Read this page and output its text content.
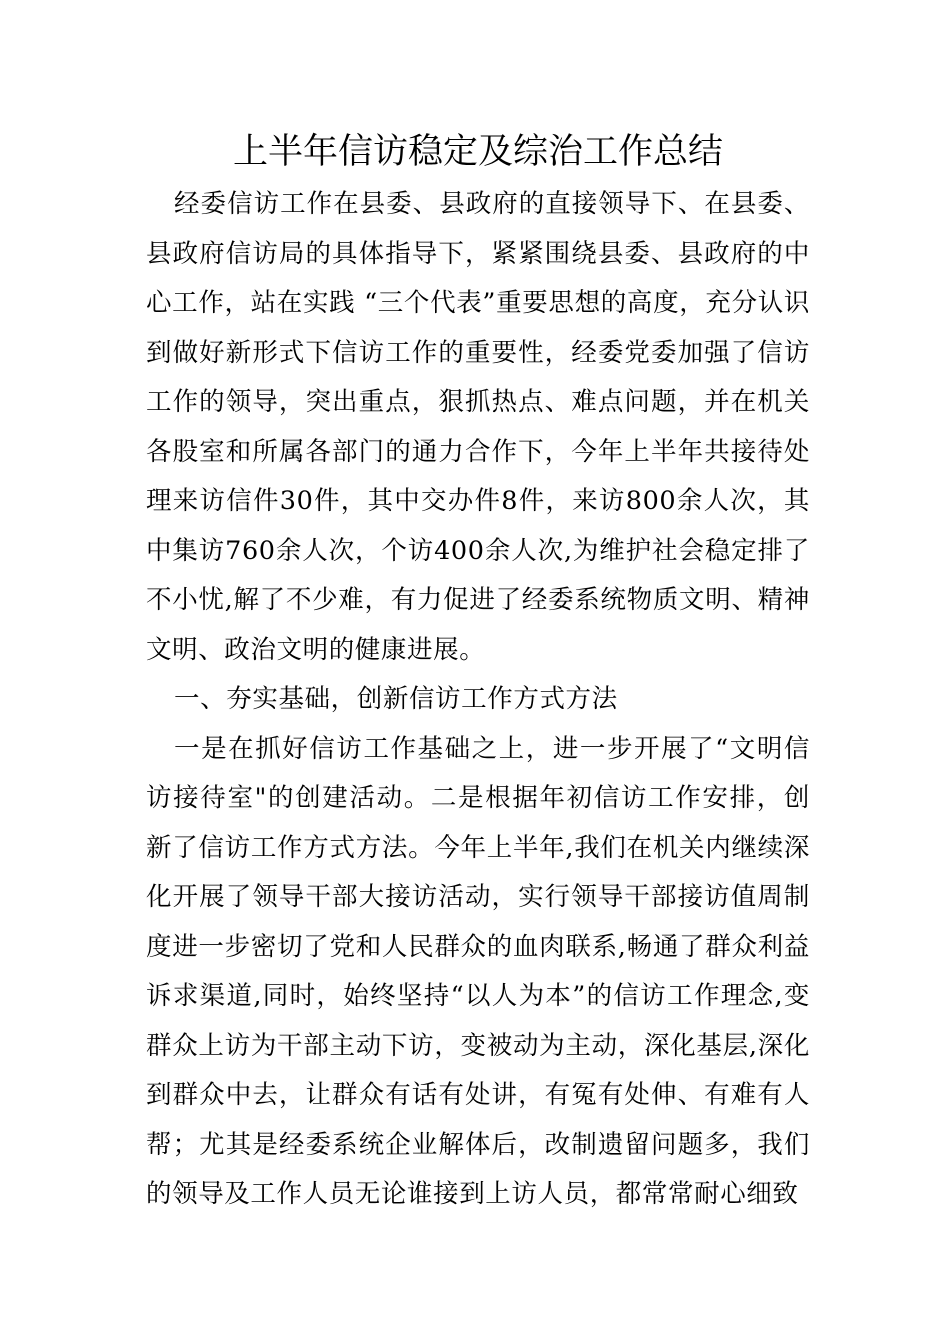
上半年信访稳定及综治工作总结

经委信访工作在县委、县政府的直接领导下、在县委、县政府信访局的具体指导下，紧紧围绕县委、县政府的中心工作，站在实践 “三个代表”重要思想的高度，充分认识到做好新形式下信访工作的重要性，经委党委加强了信访工作的领导，突出重点，狠抓热点、难点问题，并在机关各股室和所属各部门的通力合作下，今年上半年共接待处理来访信件30件，其中交办件8件，来访800余人次，其中集访760余人次，个访400余人次,为维护社会稳定排了不小忧,解了不少难，有力促进了经委系统物质文明、精神文明、政治文明的健康进展。

一、夯实基础，创新信访工作方式方法

一是在抓好信访工作基础之上，进一步开展了“文明信访接待室"的创建活动。二是根据年初信访工作安排，创新了信访工作方式方法。今年上半年,我们在机关内继续深化开展了领导干部大接访活动，实行领导干部接访值周制度进一步密切了党和人民群众的血肉联系,畅通了群众利益诉求渠道,同时，始终坚持“以人为本”的信访工作理念,变群众上访为干部主动下访，变被动为主动，深化基层,深化到群众中去，让群众有话有处讲，有冤有处伸、有难有人帮；尤其是经委系统企业解体后，改制遗留问题多，我们的领导及工作人员无论谁接到上访人员，都常常耐心细致
